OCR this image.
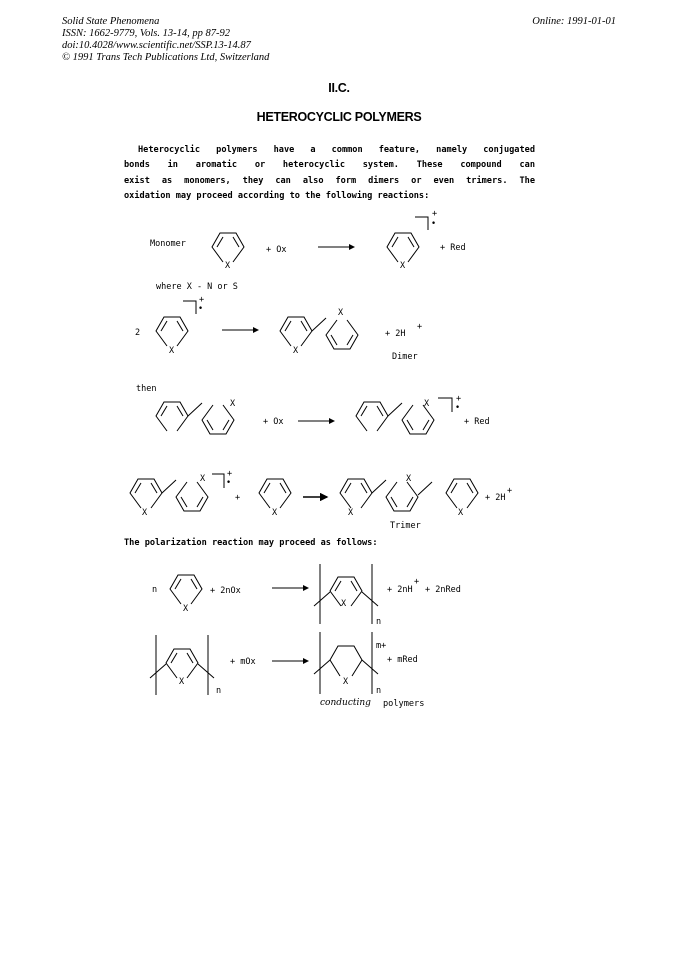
Solid State Phenomena
ISSN: 1662-9779, Vols. 13-14, pp 87-92
doi:10.4028/www.scientific.net/SSP.13-14.87
© 1991 Trans Tech Publications Ltd, Switzerland
Online: 1991-01-01
II.C.
HETEROCYCLIC POLYMERS
Heterocyclic polymers have a common feature, namely conjugated
bonds in aromatic or heterocyclic system. These compound can
exist as monomers, they can also form dimers or even trimers. The
oxidation may proceed according to the following reactions:
X
Monomer
+ Ox
X
+
•
+ Red
where X - N or S
2
X
+
•
X
X
+ 2H
+
Dimer
then
X
+ Ox
X	+
•
+ Red
X
X	+
•
+
X	X
X
X
+ 2H
+
Trimer
n
X
+ 2nOx
X
n
+ 2nH
+
+ 2nRed
X
n
+ mOx
X
n
m+
+ mRed
The polarization reaction may proceed as follows:
conducting polymers
